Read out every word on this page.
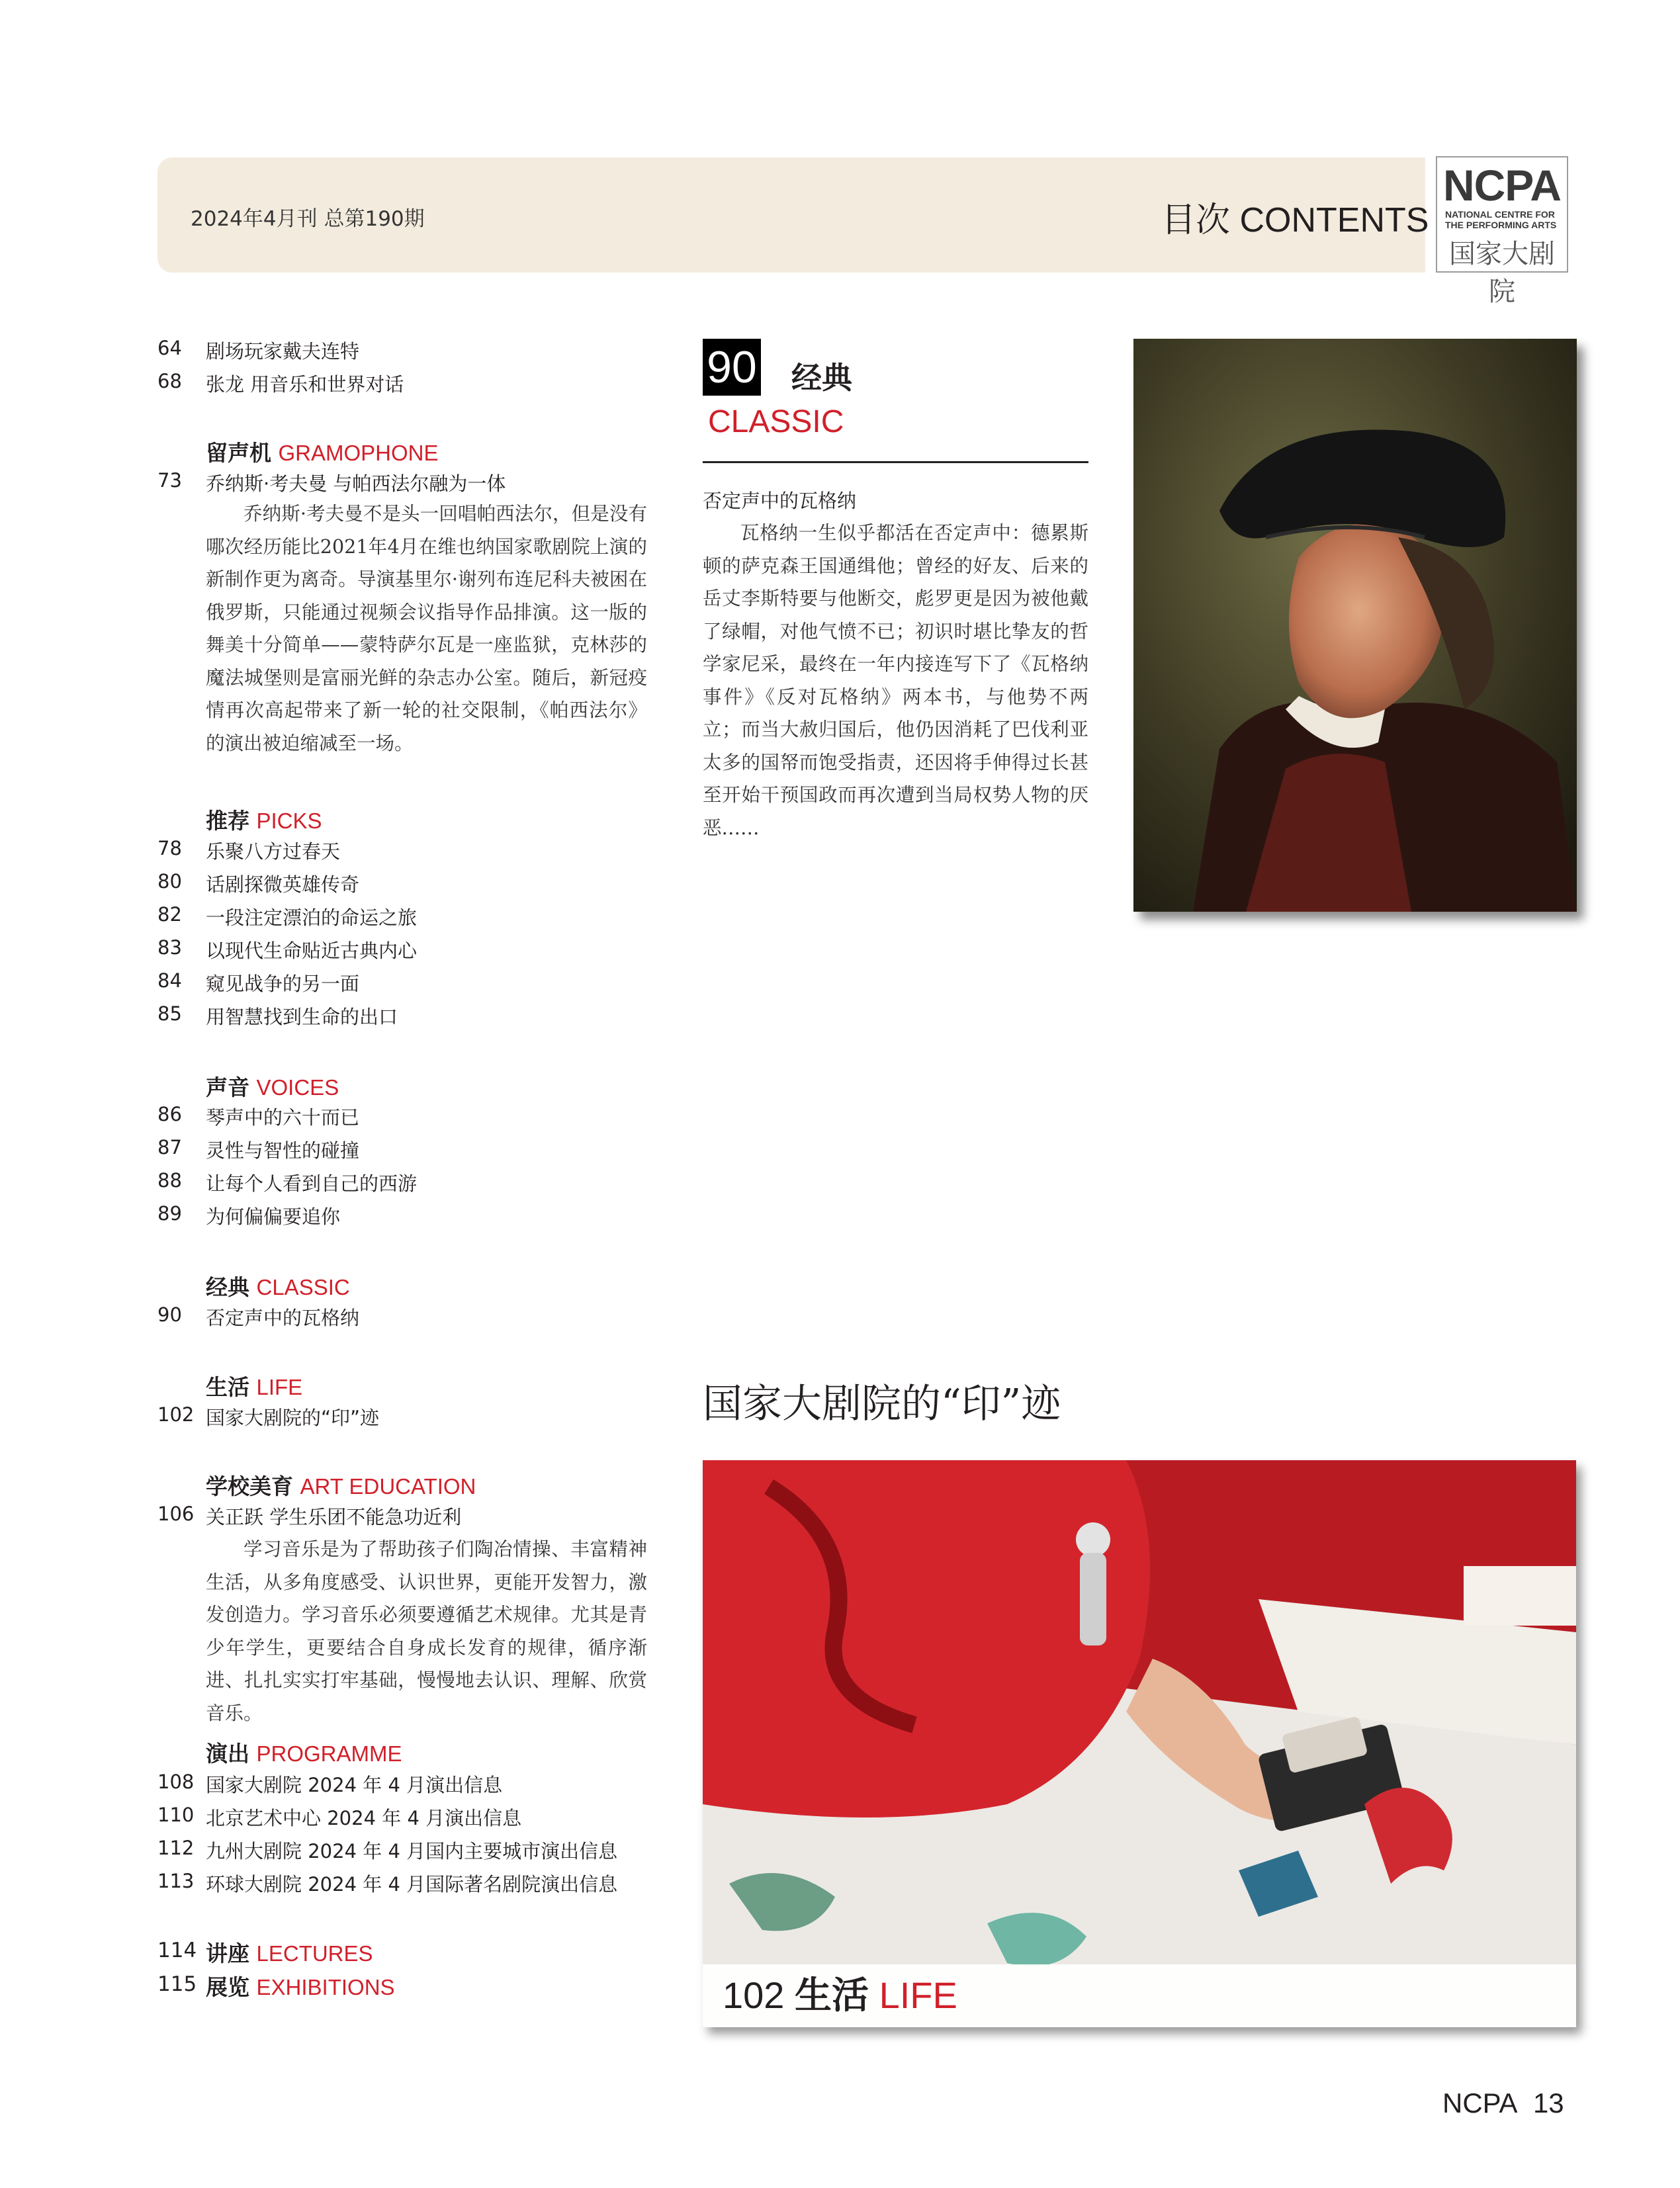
2024年4月刊 总第190期	目次 CONTENTS
NCPA
NATIONAL CENTRE FOR
THE PERFORMING ARTS
国家大剧院
64	剧场玩家戴夫连特
68	张龙 用音乐和世界对话
留声机 GRAMOPHONE
73	乔纳斯·考夫曼 与帕西法尔融为一体
乔纳斯·考夫曼不是头一回唱帕西法尔，但是没有哪次经历能比2021年4月在维也纳国家歌剧院上演的新制作更为离奇。导演基里尔·谢列布连尼科夫被困在俄罗斯，只能通过视频会议指导作品排演。这一版的舞美十分简单——蒙特萨尔瓦是一座监狱，克林莎的魔法城堡则是富丽光鲜的杂志办公室。随后，新冠疫情再次高起带来了新一轮的社交限制，《帕西法尔》的演出被迫缩减至一场。
推荐 PICKS
78	乐聚八方过春天
80	话剧探微英雄传奇
82	一段注定漂泊的命运之旅
83	以现代生命贴近古典内心
84	窥见战争的另一面
85	用智慧找到生命的出口
声音 VOICES
86	琴声中的六十而已
87	灵性与智性的碰撞
88	让每个人看到自己的西游
89	为何偏偏要追你
经典 CLASSIC
90	否定声中的瓦格纳
生活 LIFE
102 国家大剧院的“印”迹
学校美育 ART EDUCATION
106 关正跃 学生乐团不能急功近利
学习音乐是为了帮助孩子们陶冶情操、丰富精神生活，从多角度感受、认识世界，更能开发智力，激发创造力。学习音乐必须要遵循艺术规律。尤其是青少年学生，更要结合自身成长发育的规律，循序渐进、扎扎实实打牢基础，慢慢地去认识、理解、欣赏音乐。
演出 PROGRAMME
108 国家大剧院 2024 年 4 月演出信息
110 北京艺术中心 2024 年 4 月演出信息
112 九州大剧院 2024 年 4 月国内主要城市演出信息
113 环球大剧院 2024 年 4 月国际著名剧院演出信息
114 讲座 LECTURES
115 展览 EXHIBITIONS
90 经典
CLASSIC
否定声中的瓦格纳
瓦格纳一生似乎都活在否定声中：德累斯顿的萨克森王国通缉他；曾经的好友、后来的岳丈李斯特要与他断交，彪罗更是因为被他戴了绿帽，对他气愤不已；初识时堪比挚友的哲学家尼采，最终在一年内接连写下了《瓦格纳事件》《反对瓦格纳》两本书，与他势不两立；而当大赦归国后，他仍因消耗了巴伐利亚太多的国帑而饱受指责，还因将手伸得过长甚至开始干预国政而再次遭到当局权势人物的厌恶……
国家大剧院的“印”迹
102 生活 LIFE
NCPA 13
